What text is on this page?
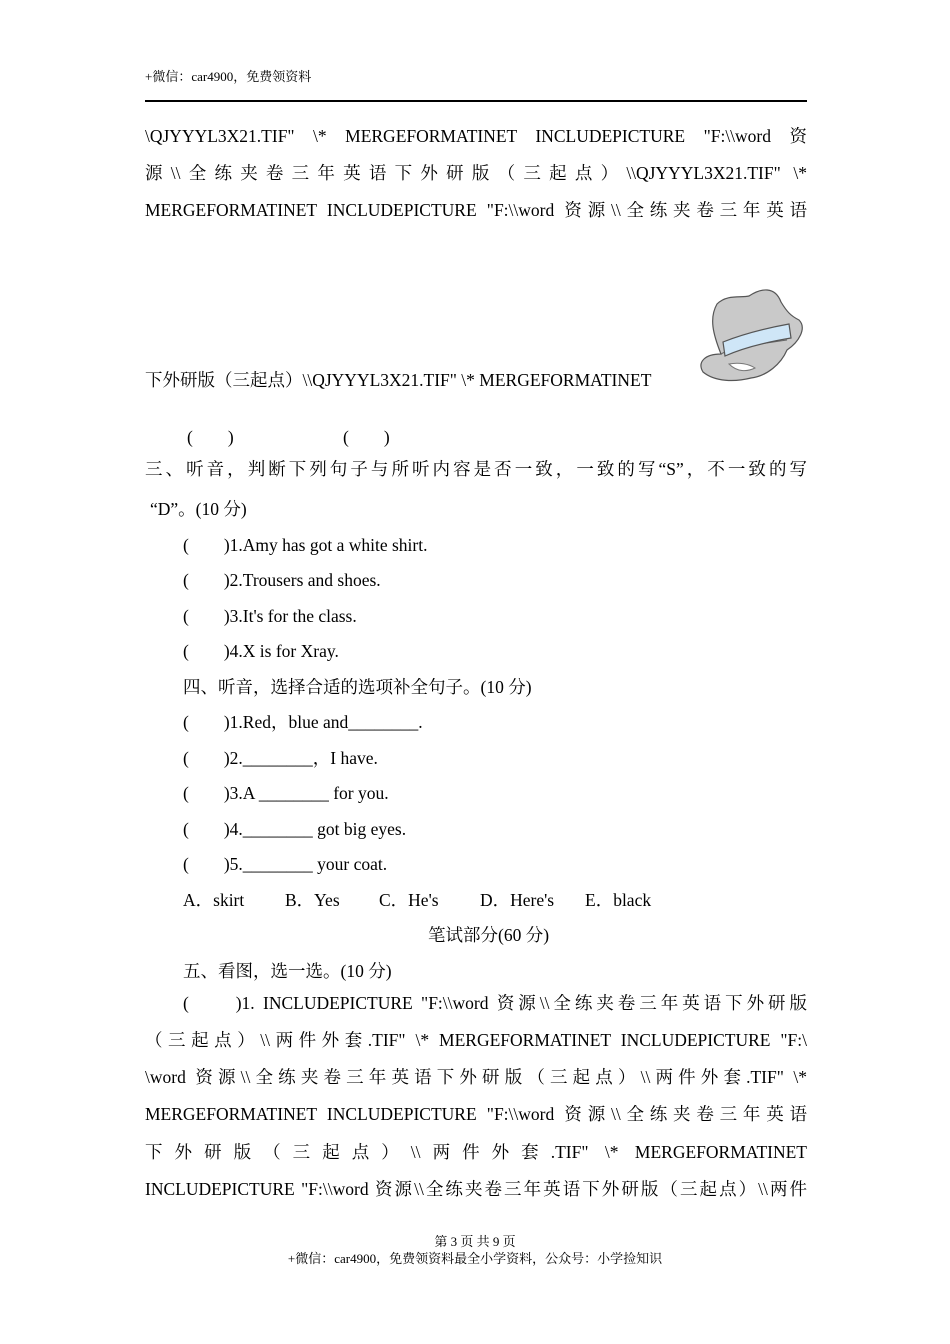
+微信：car4900，免费领资料
\QJYYYL3X21.TIF" \* MERGEFORMATINET INCLUDEPICTURE "F:\\word 资
源\\全练夹卷三年英语下外研版（三起点）\\QJYYYL3X21.TIF" \*
MERGEFORMATINET INCLUDEPICTURE "F:\\word 资源\\全练夹卷三年英语
下外研版（三起点）\\QJYYYL3X21.TIF" \* MERGEFORMATINET
(　　)	(　　)
三、听音，判断下列句子与所听内容是否一致，一致的写“S”，不一致的写
“D”。(10 分)
(　　)1.Amy has got a white shirt.
(　　)2.Trousers and shoes.
(　　)3.It's for the class.
(　　)4.X is for Xray.
四、听音，选择合适的选项补全句子。(10 分)
(　　)1.Red，blue and________.
(　　)2.________，I have.
(　　)3.A ________ for you.
(　　)4.________ got big eyes.
(　　)5.________ your coat.
A．skirt B．Yes C．He's D．Here's E．black
笔试部分(60 分)
五、看图，选一选。(10 分)
(　　)1. INCLUDEPICTURE "F:\\word 资源\\全练夹卷三年英语下外研版
（三起点）\\两件外套.TIF" \* MERGEFORMATINET INCLUDEPICTURE "F:\
\word 资源\\全练夹卷三年英语下外研版（三起点）\\两件外套.TIF" \*
MERGEFORMATINET INCLUDEPICTURE "F:\\word 资源\\全练夹卷三年英语
下外研版（三起点）\\两件外套.TIF" \* MERGEFORMATINET
INCLUDEPICTURE "F:\\word 资源\\全练夹卷三年英语下外研版（三起点）\\两件
第 3 页 共 9 页
+微信：car4900，免费领资料最全小学资料，公众号：小学捡知识
